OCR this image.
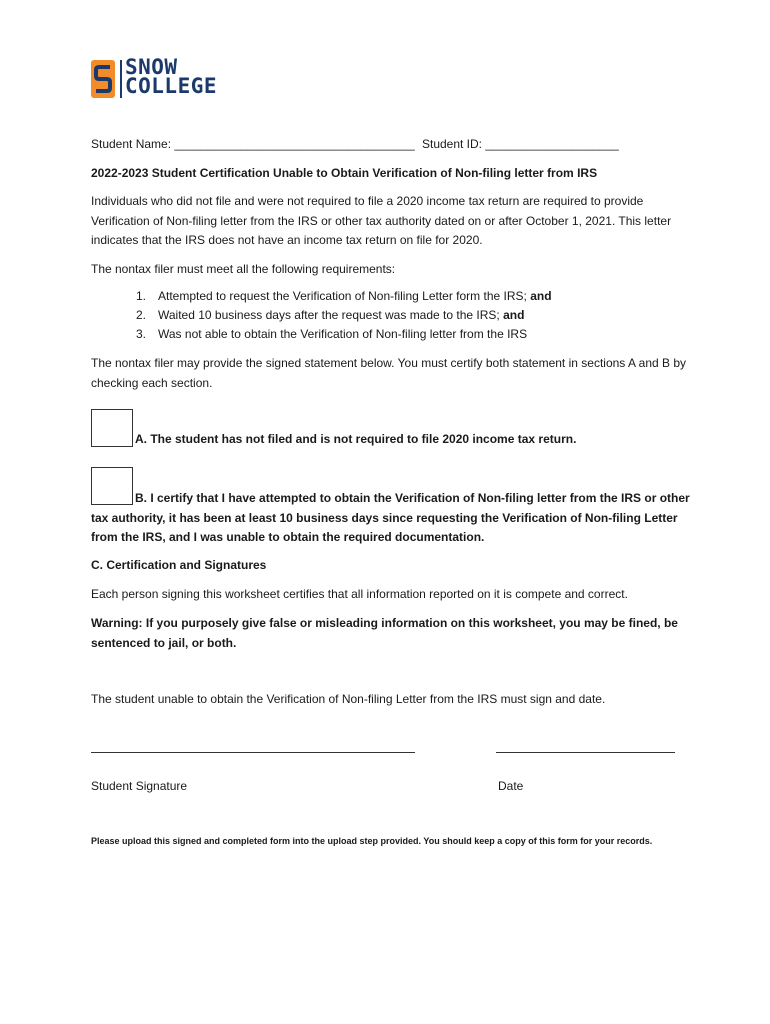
SNOW
COLLEGE
Student Name: ____________________________________ Student ID: ____________________
2022-2023 Student Certification Unable to Obtain Verification of Non-filing letter from IRS
Individuals who did not file and were not required to file a 2020 income tax return are required to provide Verification of Non-filing letter from the IRS or other tax authority dated on or after October 1, 2021. This letter indicates that the IRS does not have an income tax return on file for 2020.
The nontax filer must meet all the following requirements:
1. Attempted to request the Verification of Non-filing Letter form the IRS; and
2. Waited 10 business days after the request was made to the IRS; and
3. Was not able to obtain the Verification of Non-filing letter from the IRS
The nontax filer may provide the signed statement below. You must certify both statement in sections A and B by checking each section.
A. The student has not filed and is not required to file 2020 income tax return.
B. I certify that I have attempted to obtain the Verification of Non-filing letter from the IRS or other tax authority, it has been at least 10 business days since requesting the Verification of Non-filing Letter from the IRS, and I was unable to obtain the required documentation.
C. Certification and Signatures
Each person signing this worksheet certifies that all information reported on it is compete and correct.
Warning: If you purposely give false or misleading information on this worksheet, you may be fined, be sentenced to jail, or both.
The student unable to obtain the Verification of Non-filing Letter from the IRS must sign and date.
Student Signature	Date
Please upload this signed and completed form into the upload step provided. You should keep a copy of this form for your records.
